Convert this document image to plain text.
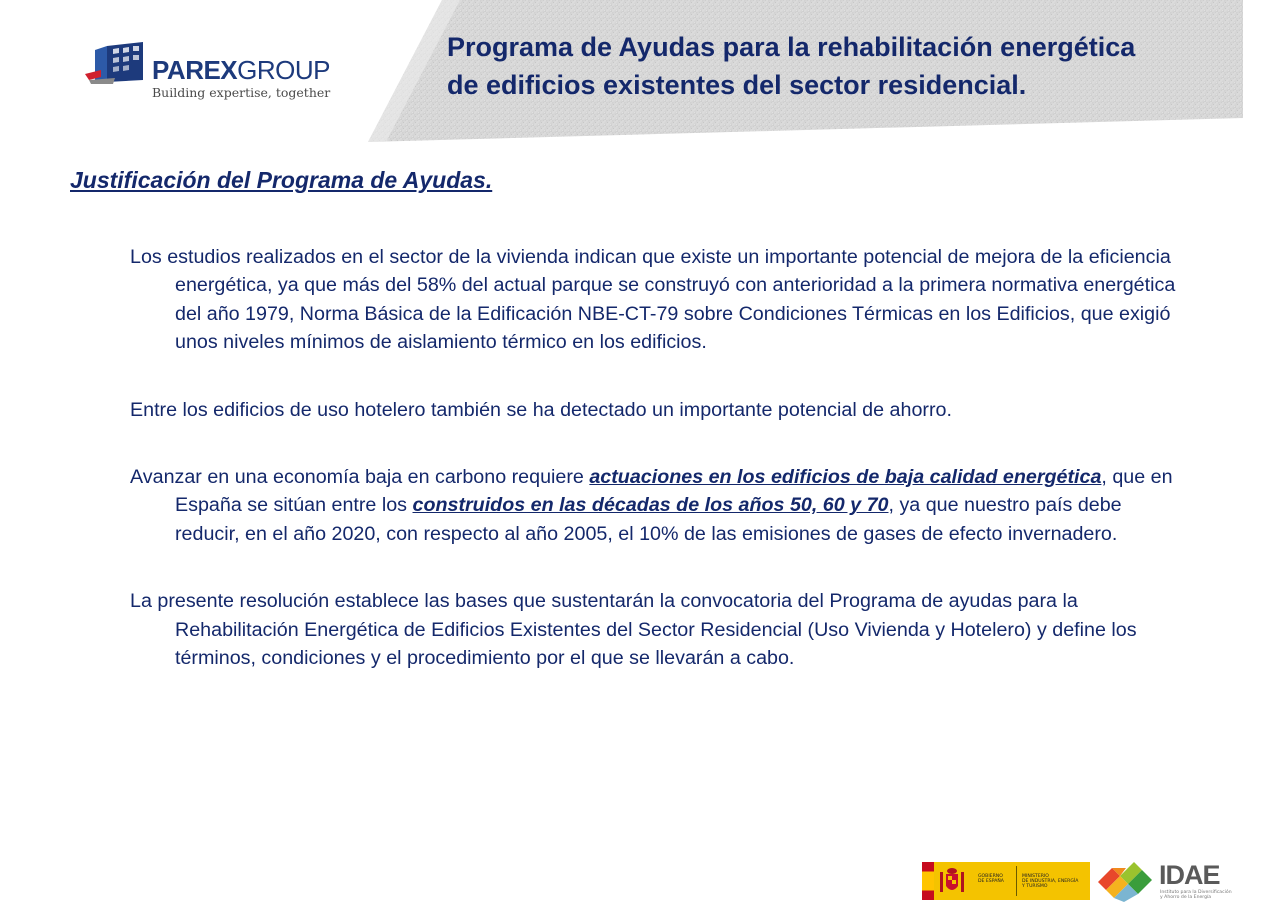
Programa de Ayudas para la rehabilitación energética
de edificios existentes del sector residencial.
PAREXGROUP
Building expertise, together
Justificación del Programa de Ayudas.

Los estudios realizados en el sector de la vivienda indican que existe un importante potencial de mejora de la eficiencia energética, ya que más del 58% del actual parque se construyó con anterioridad a la primera normativa energética del año 1979, Norma Básica de la Edificación NBE-CT-79 sobre Condiciones Térmicas en los Edificios, que exigió unos niveles mínimos de aislamiento térmico en los edificios.

Entre los edificios de uso hotelero también se ha detectado un importante potencial de ahorro.

Avanzar en una economía baja en carbono requiere actuaciones en los edificios de baja calidad energética, que en España se sitúan entre los construidos en las décadas de los años 50, 60 y 70, ya que nuestro país debe reducir, en el año 2020, con respecto al año 2005, el 10% de las emisiones de gases de efecto invernadero.

La presente resolución establece las bases que sustentarán la convocatoria del Programa de ayudas para la Rehabilitación Energética de Edificios Existentes del Sector Residencial (Uso Vivienda y Hotelero) y define los términos, condiciones y el procedimiento por el que se llevarán a cabo.

GOBIERNO
DE ESPAÑA
MINISTERIO
DE INDUSTRIA, ENERGÍA
Y TURISMO	IDAE
Instituto para la Diversificación
y Ahorro de la Energía
